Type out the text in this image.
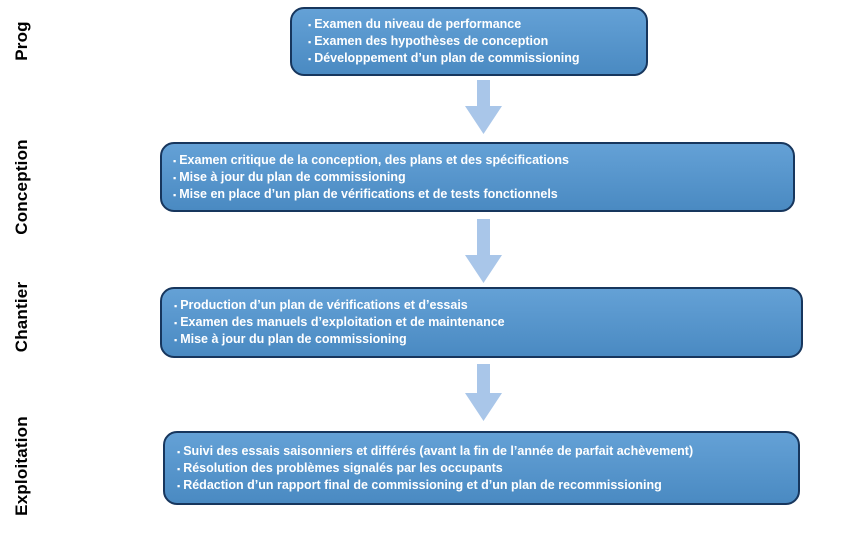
Prog
Conception
Chantier
Exploitation
▪ Examen du niveau de performance
▪ Examen des hypothèses de conception
▪ Développement d’un plan de commissioning
▪ Examen critique de la conception, des plans et des spécifications
▪ Mise à jour du plan de commissioning
▪ Mise en place d’un plan de vérifications et de tests fonctionnels
▪ Production d’un plan de vérifications et d’essais
▪ Examen des manuels d’exploitation et de maintenance
▪ Mise à jour du plan de commissioning
▪ Suivi des essais saisonniers et différés (avant la fin de l’année de parfait achèvement)
▪ Résolution des problèmes signalés par les occupants
▪ Rédaction d’un rapport final de commissioning et d’un plan de recommissioning
